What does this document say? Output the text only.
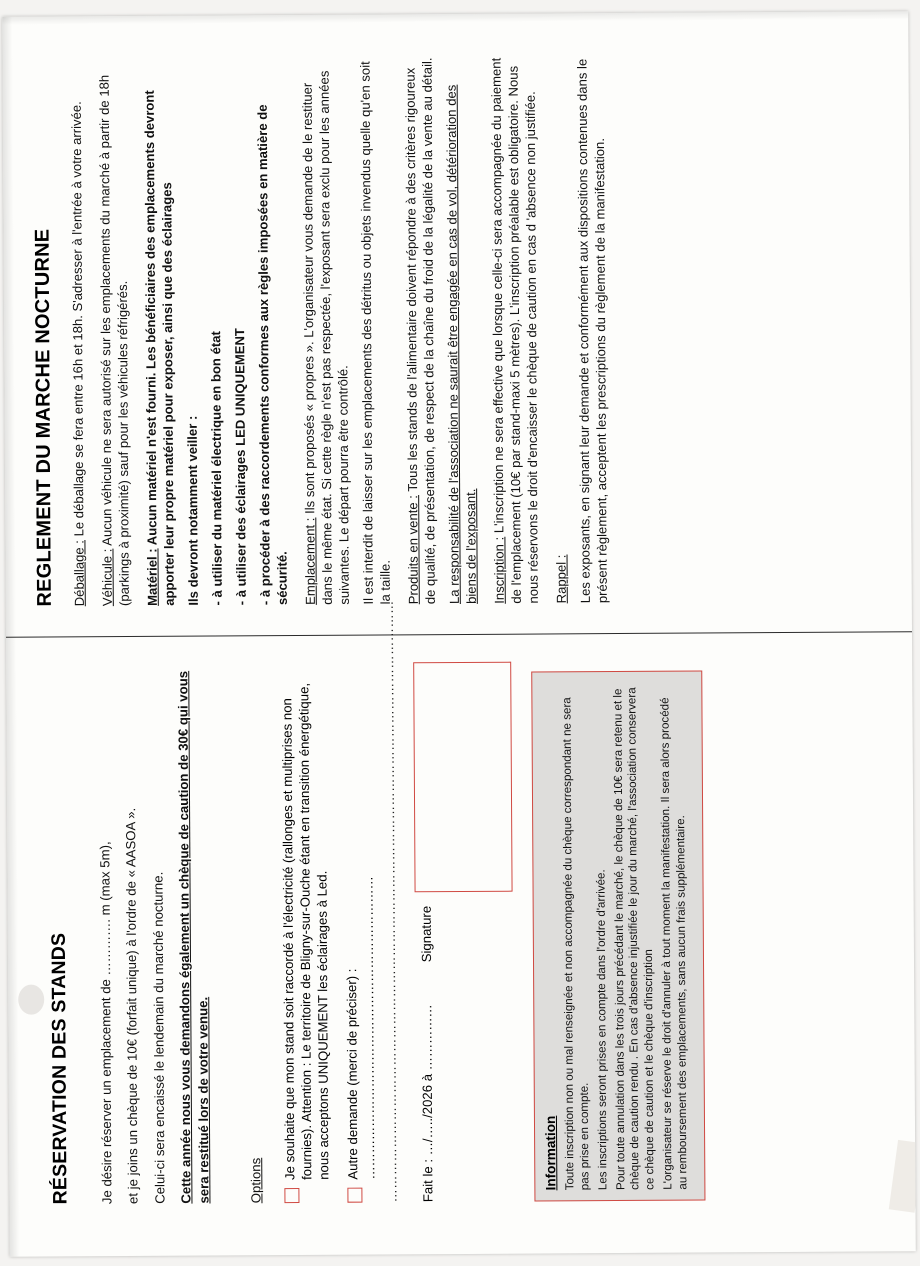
RÉSERVATION DES STANDS Je désire réserver un emplacement de …………. m (max 5m), et je joins un chèque de 10€ (forfait unique) à l'ordre de « AASOA ». Celui-ci sera encaissé le lendemain du marché nocturne. Cette année nous vous demandons également un chèque de caution de 30€ qui vous sera restitué lors de votre venue.	Options

Je souhaite que mon stand soit raccordé à l'électricité (rallonges et multiprises non fournies). Attention : Le territoire de Bligny-sur-Ouche étant en transition énergétique, nous acceptons UNIQUEMENT les éclairages à Led. Autre demande (merci de préciser) : …………………………………………………………… ……………………………………………………………………………………………………………………	Fait le : …/…../2026 à ……………
Signature
Information Toute inscription non ou mal renseignée et non accompagnée du chèque correspondant ne sera pas prise en compte. Les inscriptions seront prises en compte dans l'ordre d'arrivée. Pour toute annulation dans les trois jours précédant le marché, le chèque de 10€ sera retenu et le chèque de caution rendu . En cas d'absence injustifiée le jour du marché, l'association conservera ce chèque de caution et le chèque d'inscription L'organisateur se réserve le droit d'annuler à tout moment la manifestation. Il sera alors procédé au remboursement des emplacements, sans aucun frais supplémentaire.

REGLEMENT DU MARCHE NOCTURNE	Déballage : Le déballage se fera entre 16h et 18h. S'adresser à l'entrée à votre arrivée.

Véhicule : Aucun véhicule ne sera autorisé sur les emplacements du marché à partir de 18h (parkings à proximité) sauf pour les véhicules réfrigérés. Matériel : Aucun matériel n'est fourni. Les bénéficiaires des emplacements devront apporter leur propre matériel pour exposer, ainsi que des éclairages Ils devront notamment veiller : - à utiliser du matériel électrique en bon état - à utiliser des éclairages LED UNIQUEMENT - à procéder à des raccordements conformes aux règles imposées en matière de sécurité. Emplacement : Ils sont proposés « propres ». L'organisateur vous demande de le restituer dans le même état. Si cette règle n'est pas respectée, l'exposant sera exclu pour les années suivantes. Le départ pourra être contrôlé. Il est interdit de laisser sur les emplacements des détritus ou objets invendus quelle qu'en soit la taille. Produits en vente : Tous les stands de l'alimentaire doivent répondre à des critères rigoureux de qualité, de présentation, de respect de la chaîne du froid de la légalité de la vente au détail. La responsabilité de l'association ne saurait être engagée en cas de vol, détérioration des biens de l'exposant. Inscription : L'inscription ne sera effective que lorsque celle-ci sera accompagnée du paiement de l'emplacement (10€ par stand-maxi 5 mètres). L'inscription préalable est obligatoire. Nous nous réservons le droit d'encaisser le chèque de caution en cas d 'absence non justifiée. Rappel : Les exposants, en signant leur demande et conformément aux dispositions contenues dans le présent règlement, acceptent les prescriptions du règlement de la manifestation.
